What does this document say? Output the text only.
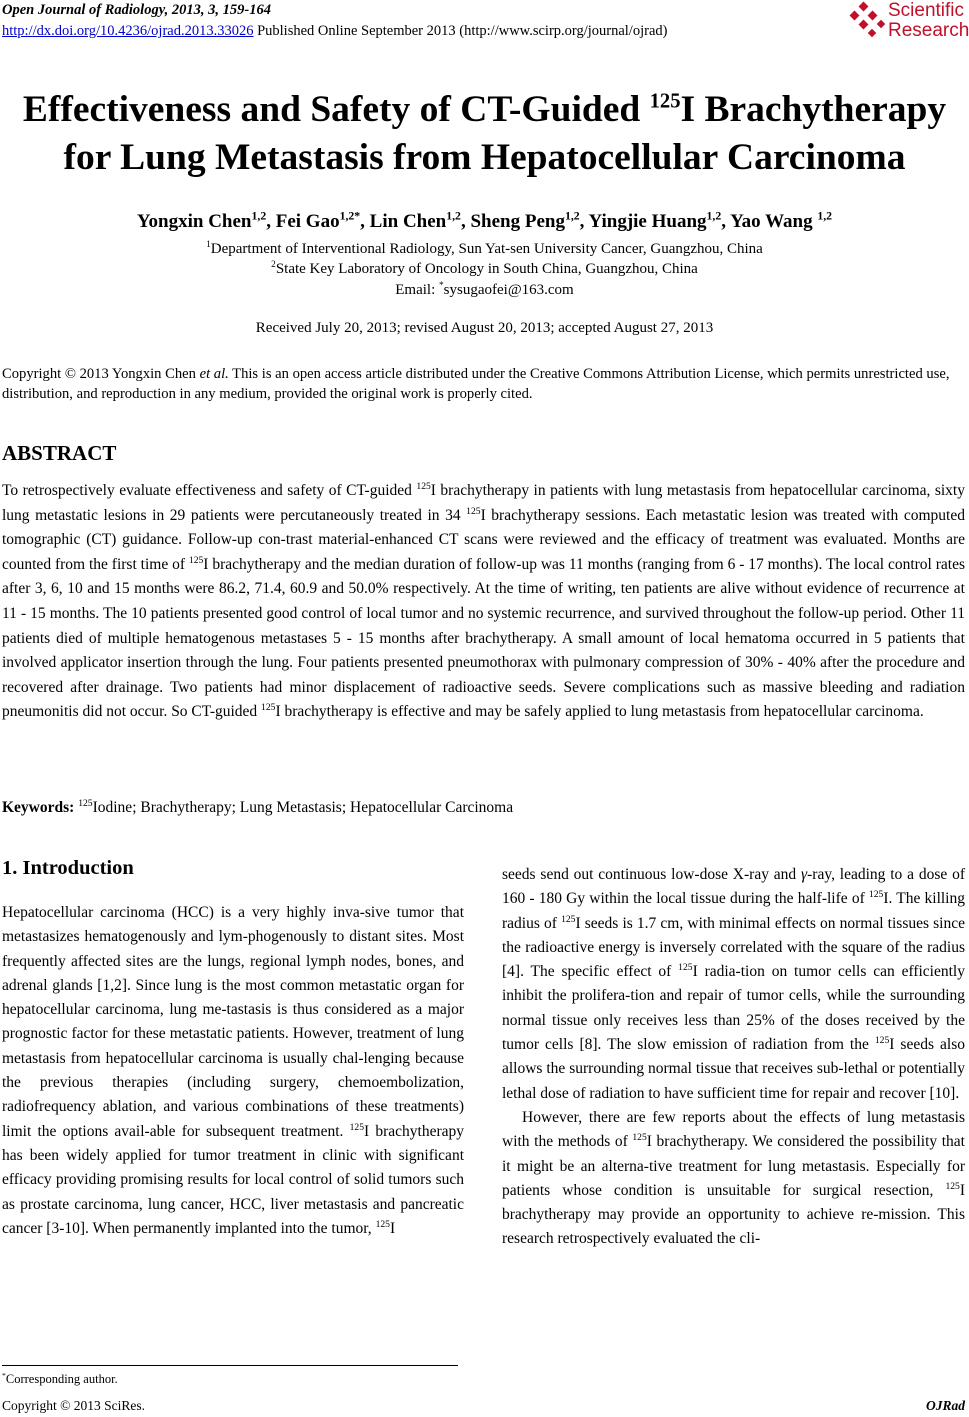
Open Journal of Radiology, 2013, 3, 159-164
http://dx.doi.org/10.4236/ojrad.2013.33026 Published Online September 2013 (http://www.scirp.org/journal/ojrad)
Scientific
Research
Effectiveness and Safety of CT-Guided $^{125}$I Brachytherapy
for Lung Metastasis from Hepatocellular Carcinoma
Yongxin Chen$^{1,2}$, Fei Gao$^{1,2*}$, Lin Chen$^{1,2}$, Sheng Peng$^{1,2}$, Yingjie Huang$^{1,2}$, Yao Wang $^{1,2}$
$^1$Department of Interventional Radiology, Sun Yat-sen University Cancer, Guangzhou, China
$^2$State Key Laboratory of Oncology in South China, Guangzhou, China
Email: *sysugaofei@163.com
Received July 20, 2013; revised August 20, 2013; accepted August 27, 2013
Copyright © 2013 Yongxin Chen et al. This is an open access article distributed under the Creative Commons Attribution License, which permits unrestricted use, distribution, and reproduction in any medium, provided the original work is properly cited.
ABSTRACT
To retrospectively evaluate effectiveness and safety of CT-guided $^{125}$I brachytherapy in patients with lung metastasis from hepatocellular carcinoma, sixty lung metastatic lesions in 29 patients were percutaneously treated in 34 $^{125}$I brachytherapy sessions. Each metastatic lesion was treated with computed tomographic (CT) guidance. Follow-up con-trast material-enhanced CT scans were reviewed and the efficacy of treatment was evaluated. Months are counted from the first time of $^{125}$I brachytherapy and the median duration of follow-up was 11 months (ranging from 6 - 17 months). The local control rates after 3, 6, 10 and 15 months were 86.2, 71.4, 60.9 and 50.0% respectively. At the time of writing, ten patients are alive without evidence of recurrence at 11 - 15 months. The 10 patients presented good control of local tumor and no systemic recurrence, and survived throughout the follow-up period. Other 11 patients died of multiple hematogenous metastases 5 - 15 months after brachytherapy. A small amount of local hematoma occurred in 5 patients that involved applicator insertion through the lung. Four patients presented pneumothorax with pulmonary compression of 30% - 40% after the procedure and recovered after drainage. Two patients had minor displacement of radioactive seeds. Severe complications such as massive bleeding and radiation pneumonitis did not occur. So CT-guided $^{125}$I brachytherapy is effective and may be safely applied to lung metastasis from hepatocellular carcinoma.
Keywords: $^{125}$Iodine; Brachytherapy; Lung Metastasis; Hepatocellular Carcinoma
1. Introduction

Hepatocellular carcinoma (HCC) is a very highly inva-sive tumor that metastasizes hematogenously and lym-phogenously to distant sites. Most frequently affected sites are the lungs, regional lymph nodes, bones, and adrenal glands [1,2]. Since lung is the most common metastatic organ for hepatocellular carcinoma, lung me-tastasis is thus considered as a major prognostic factor for these metastatic patients. However, treatment of lung metastasis from hepatocellular carcinoma is usually chal-lenging because the previous therapies (including surgery, chemoembolization, radiofrequency ablation, and various combinations of these treatments) limit the options avail-able for subsequent treatment. $^{125}$I brachytherapy has been widely applied for tumor treatment in clinic with significant efficacy providing promising results for local control of solid tumors such as prostate carcinoma, lung cancer, HCC, liver metastasis and pancreatic cancer [3-10]. When permanently implanted into the tumor, $^{125}$I

seeds send out continuous low-dose X-ray and γ-ray, leading to a dose of 160 - 180 Gy within the local tissue during the half-life of $^{125}$I. The killing radius of $^{125}$I seeds is 1.7 cm, with minimal effects on normal tissues since the radioactive energy is inversely correlated with the square of the radius [4]. The specific effect of $^{125}$I radia-tion on tumor cells can efficiently inhibit the prolifera-tion and repair of tumor cells, while the surrounding normal tissue only receives less than 25% of the doses received by the tumor cells [8]. The slow emission of radiation from the $^{125}$I seeds also allows the surrounding normal tissue that receives sub-lethal or potentially lethal dose of radiation to have sufficient time for repair and recover [10].

However, there are few reports about the effects of lung metastasis with the methods of $^{125}$I brachytherapy. We considered the possibility that it might be an alterna-tive treatment for lung metastasis. Especially for patients whose condition is unsuitable for surgical resection, $^{125}$I brachytherapy may provide an opportunity to achieve re-mission. This research retrospectively evaluated the cli-

*Corresponding author.
Copyright © 2013 SciRes.	OJRad
